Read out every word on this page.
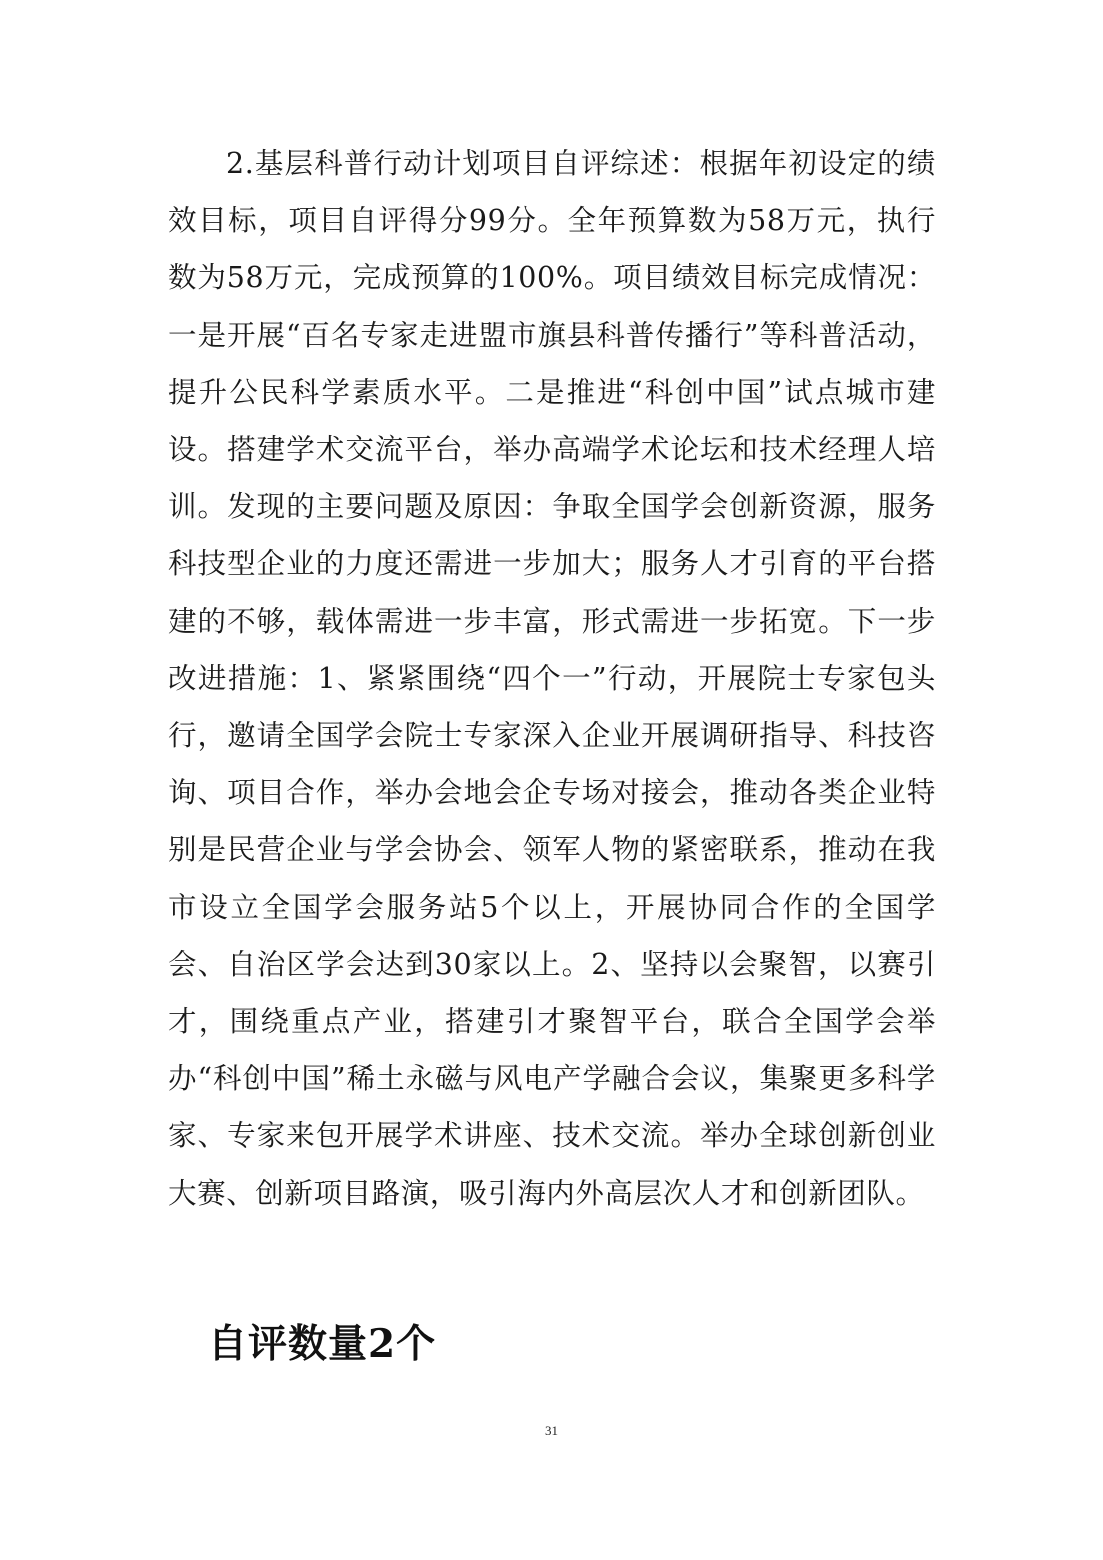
2.基层科普行动计划项目自评综述：根据年初设定的绩效目标，项目自评得分99分。全年预算数为58万元，执行数为58万元，完成预算的100%。项目绩效目标完成情况：一是开展“百名专家走进盟市旗县科普传播行”等科普活动，提升公民科学素质水平。二是推进“科创中国”试点城市建设。搭建学术交流平台，举办高端学术论坛和技术经理人培训。发现的主要问题及原因：争取全国学会创新资源，服务科技型企业的力度还需进一步加大；服务人才引育的平台搭建的不够，载体需进一步丰富，形式需进一步拓宽。下一步改进措施：1、紧紧围绕“四个一”行动，开展院士专家包头行，邀请全国学会院士专家深入企业开展调研指导、科技咨询、项目合作，举办会地会企专场对接会，推动各类企业特别是民营企业与学会协会、领军人物的紧密联系，推动在我市设立全国学会服务站5个以上，开展协同合作的全国学会、自治区学会达到30家以上。2、坚持以会聚智，以赛引才，围绕重点产业，搭建引才聚智平台，联合全国学会举办“科创中国”稀土永磁与风电产学融合会议，集聚更多科学家、专家来包开展学术讲座、技术交流。举办全球创新创业大赛、创新项目路演，吸引海内外高层次人才和创新团队。

自评数量2个
31
